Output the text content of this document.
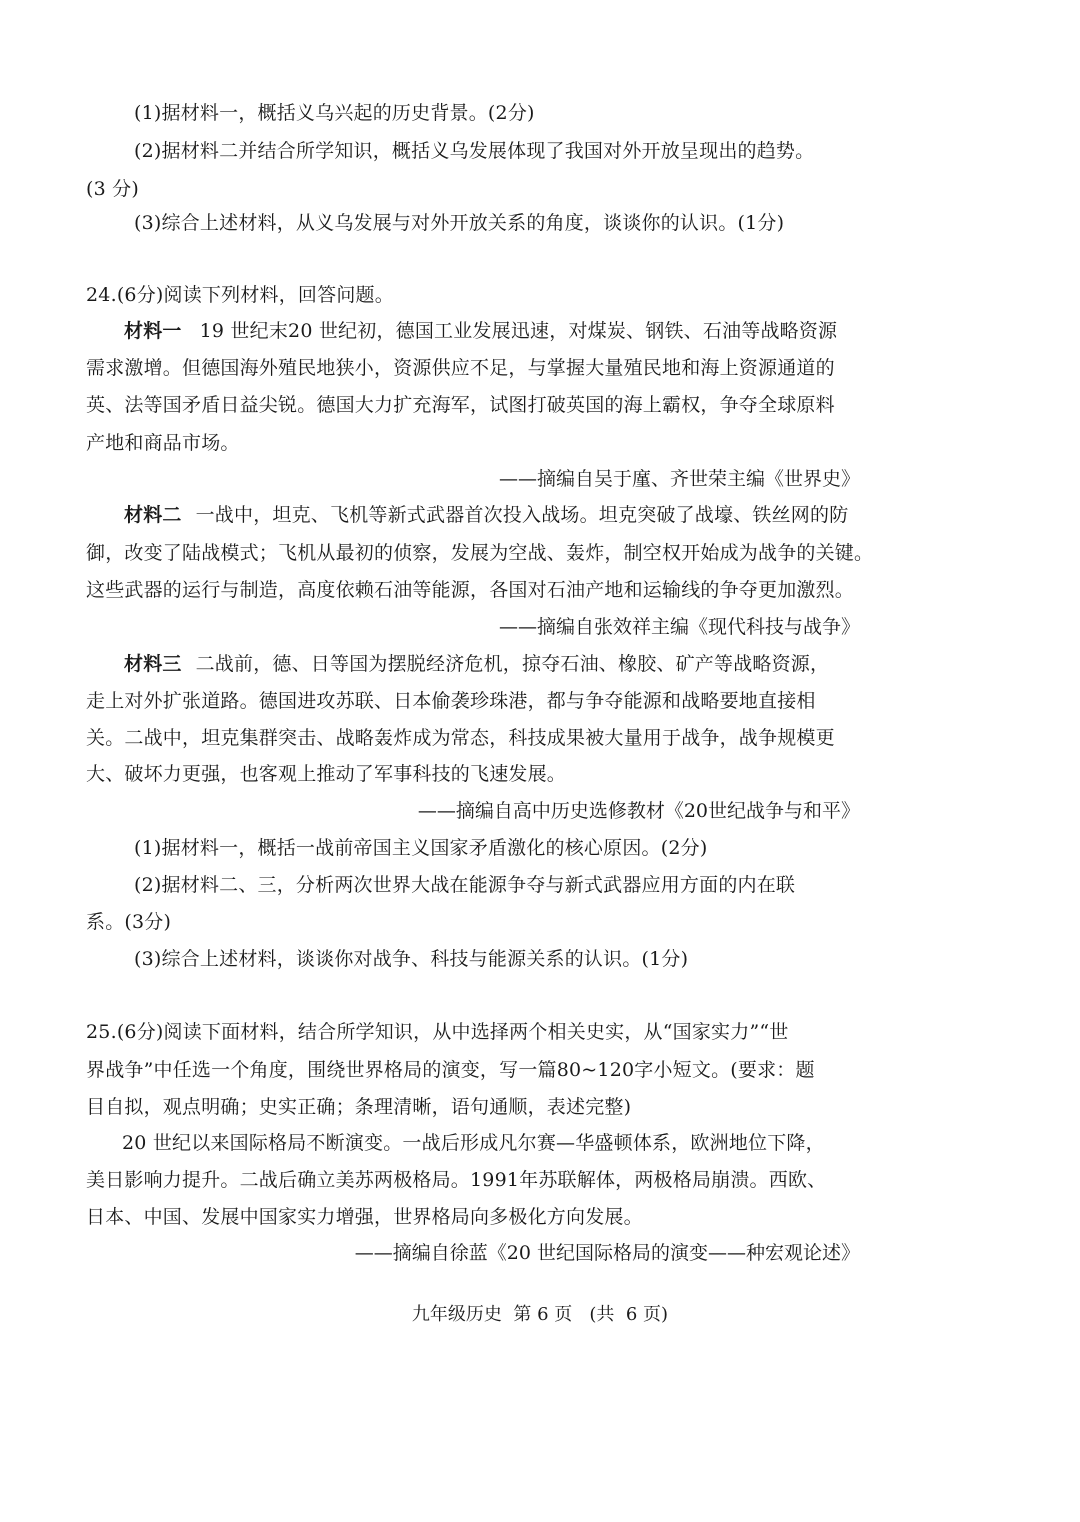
(1)据材料一，概括义乌兴起的历史背景。(2分)
(2)据材料二并结合所学知识，概括义乌发展体现了我国对外开放呈现出的趋势。
(3 分)
(3)综合上述材料，从义乌发展与对外开放关系的角度，谈谈你的认识。(1分)
24.(6分)阅读下列材料，回答问题。
材料一 19 世纪末20 世纪初，德国工业发展迅速，对煤炭、钢铁、石油等战略资源
需求激增。但德国海外殖民地狭小，资源供应不足，与掌握大量殖民地和海上资源通道的
英、法等国矛盾日益尖锐。德国大力扩充海军，试图打破英国的海上霸权，争夺全球原料
产地和商品市场。
——摘编自吴于廑、齐世荣主编《世界史》
材料二 一战中，坦克、飞机等新式武器首次投入战场。坦克突破了战壕、铁丝网的防
御，改变了陆战模式；飞机从最初的侦察，发展为空战、轰炸，制空权开始成为战争的关键。
这些武器的运行与制造，高度依赖石油等能源，各国对石油产地和运输线的争夺更加激烈。
——摘编自张效祥主编《现代科技与战争》
材料三 二战前，德、日等国为摆脱经济危机，掠夺石油、橡胶、矿产等战略资源，
走上对外扩张道路。德国进攻苏联、日本偷袭珍珠港，都与争夺能源和战略要地直接相
关。二战中，坦克集群突击、战略轰炸成为常态，科技成果被大量用于战争，战争规模更
大、破坏力更强，也客观上推动了军事科技的飞速发展。
——摘编自高中历史选修教材《20世纪战争与和平》
(1)据材料一，概括一战前帝国主义国家矛盾激化的核心原因。(2分)
(2)据材料二、三，分析两次世界大战在能源争夺与新式武器应用方面的内在联
系。(3分)
(3)综合上述材料，谈谈你对战争、科技与能源关系的认识。(1分)
25.(6分)阅读下面材料，结合所学知识，从中选择两个相关史实，从“国家实力”“世
界战争”中任选一个角度，围绕世界格局的演变，写一篇80~120字小短文。(要求：题
目自拟，观点明确；史实正确；条理清晰，语句通顺，表述完整)
20 世纪以来国际格局不断演变。一战后形成凡尔赛—华盛顿体系，欧洲地位下降，
美日影响力提升。二战后确立美苏两极格局。1991年苏联解体，两极格局崩溃。西欧、
日本、中国、发展中国家实力增强，世界格局向多极化方向发展。
——摘编自徐蓝《20 世纪国际格局的演变——种宏观论述》
九年级历史  第 6 页   (共  6 页)
